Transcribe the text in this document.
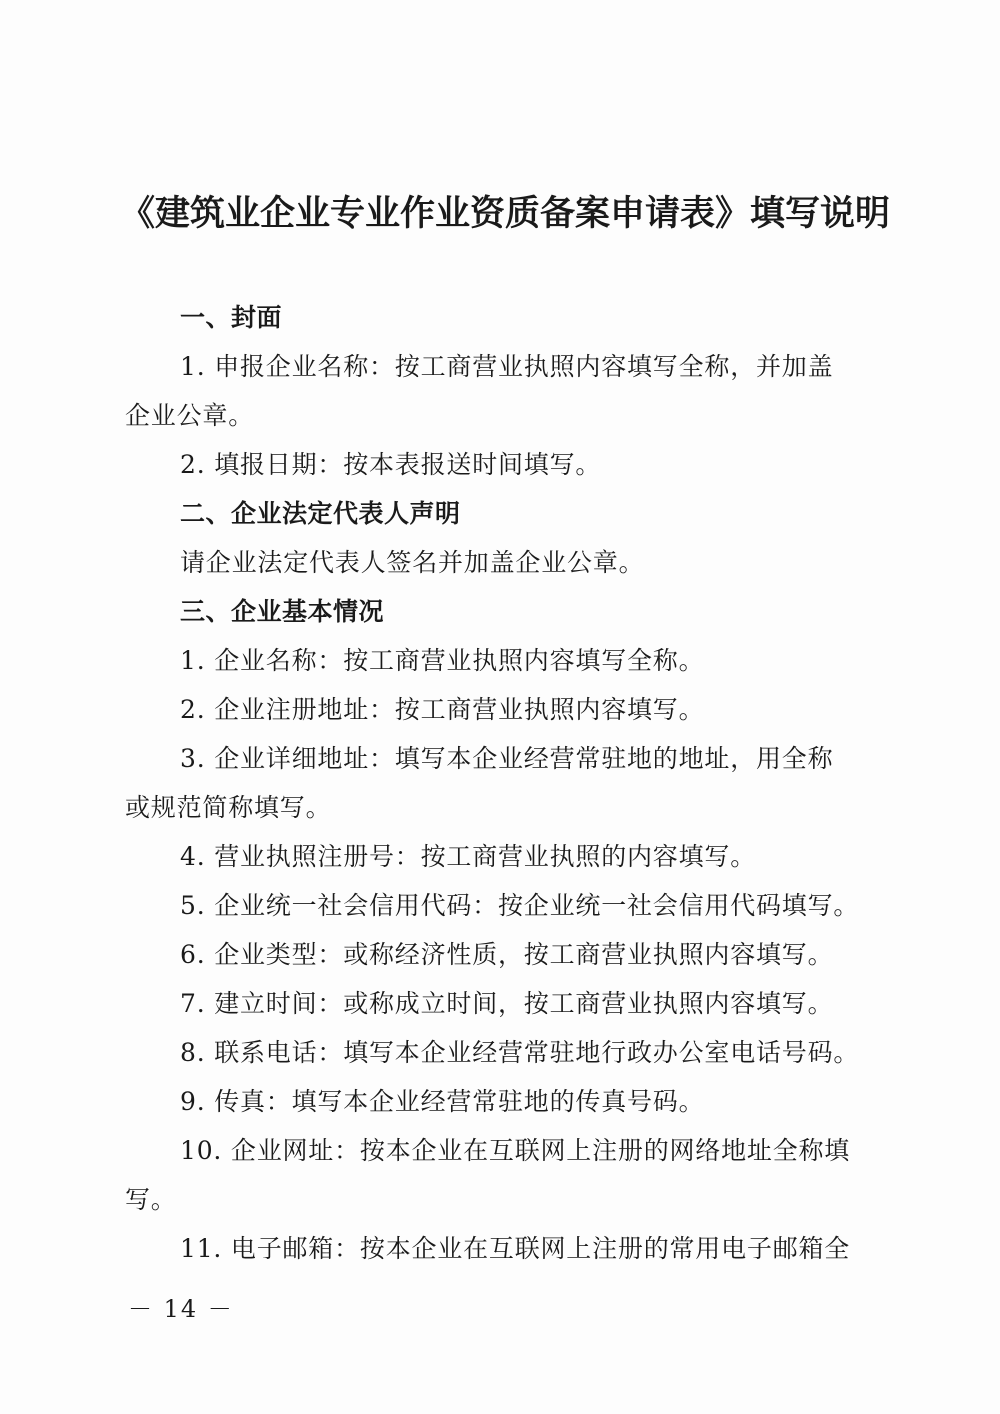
《建筑业企业专业作业资质备案申请表》填写说明
一、封面
1. 申报企业名称：按工商营业执照内容填写全称，并加盖
企业公章。
2. 填报日期：按本表报送时间填写。
二、企业法定代表人声明
请企业法定代表人签名并加盖企业公章。
三、企业基本情况
1. 企业名称：按工商营业执照内容填写全称。
2. 企业注册地址：按工商营业执照内容填写。
3. 企业详细地址：填写本企业经营常驻地的地址，用全称
或规范简称填写。
4. 营业执照注册号：按工商营业执照的内容填写。
5. 企业统一社会信用代码：按企业统一社会信用代码填写。
6. 企业类型：或称经济性质，按工商营业执照内容填写。
7. 建立时间：或称成立时间，按工商营业执照内容填写。
8. 联系电话：填写本企业经营常驻地行政办公室电话号码。
9. 传真：填写本企业经营常驻地的传真号码。
10. 企业网址：按本企业在互联网上注册的网络地址全称填
写。
11. 电子邮箱：按本企业在互联网上注册的常用电子邮箱全
－ 14 －
